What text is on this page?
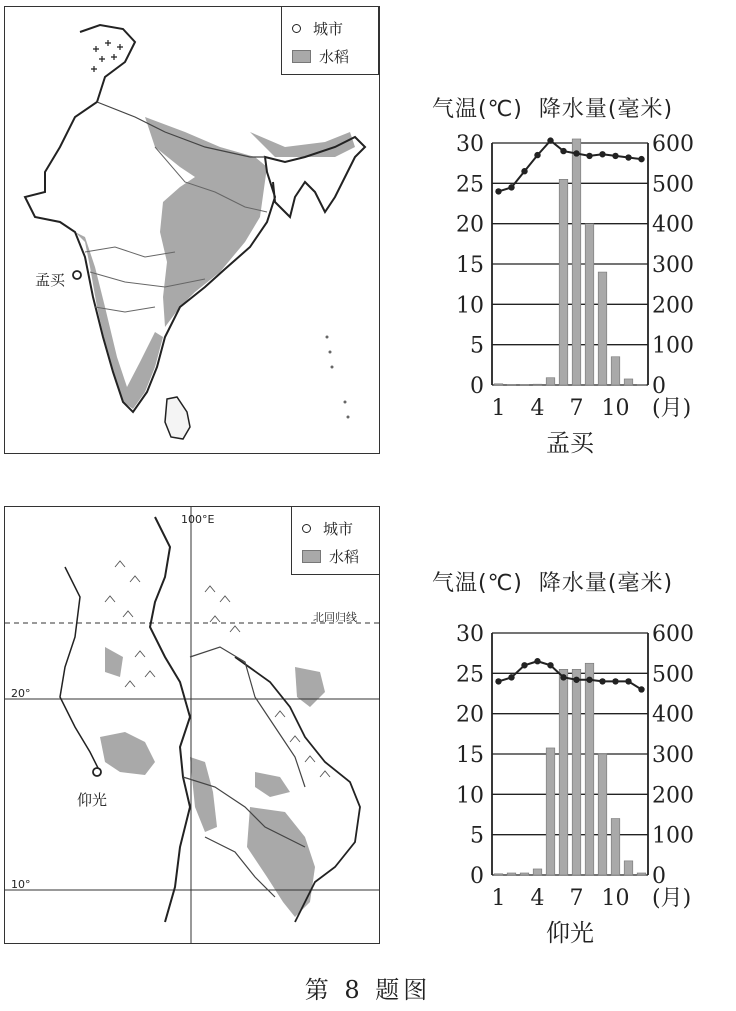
孟买
城市
水稻
100°E
北回归线
20°
10°
仰光
城市
水稻
气温(℃) 降水量(毫米)
0
5
10
15
20
25
30
0
100
200
300
400
500
600
1 4 7 10 (月)
孟买
气温(℃) 降水量(毫米)
0
5
10
15
20
25
30
0
100
200
300
400
500
600
1 4 7 10 (月)
仰光
第 8 题图
